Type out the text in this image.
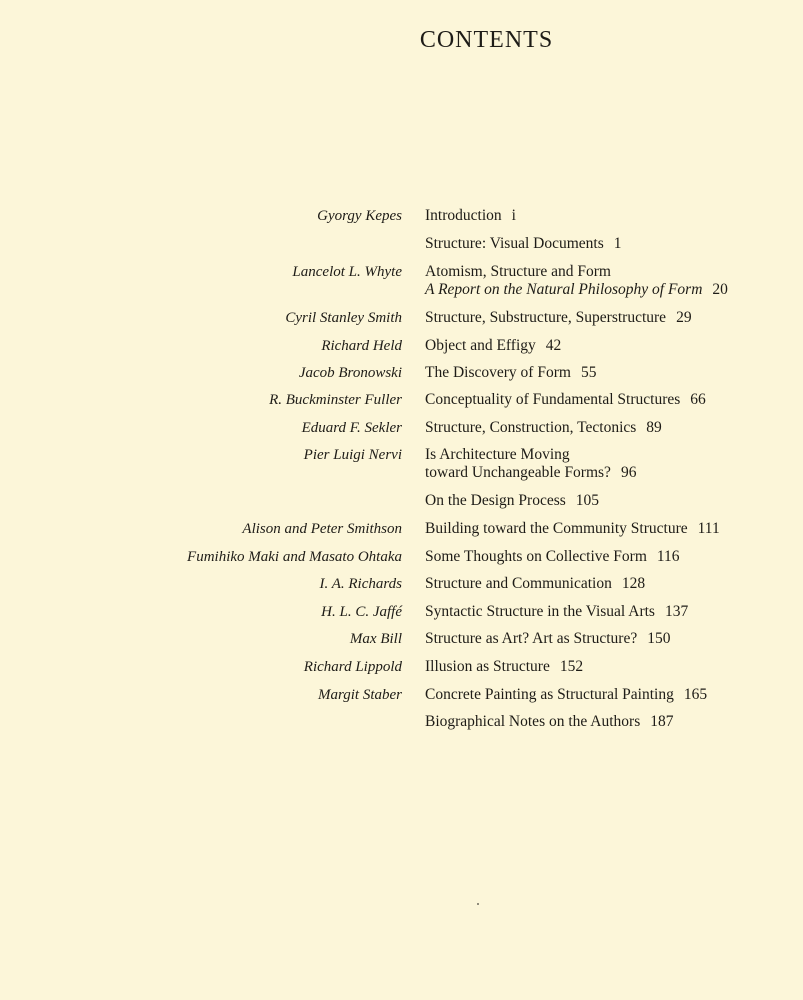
CONTENTS
Gyorgy Kepes Introduction i
Structure: Visual Documents 1
Lancelot L. Whyte Atomism, Structure and Form
A Report on the Natural Philosophy of Form 20
Cyril Stanley Smith Structure, Substructure, Superstructure 29
Richard Held Object and Effigy 42
Jacob Bronowski The Discovery of Form 55
R. Buckminster Fuller Conceptuality of Fundamental Structures 66
Eduard F. Sekler Structure, Construction, Tectonics 89
Pier Luigi Nervi Is Architecture Moving
toward Unchangeable Forms? 96
On the Design Process 105
Alison and Peter Smithson Building toward the Community Structure 111
Fumihiko Maki and Masato Ohtaka Some Thoughts on Collective Form 116
I. A. Richards Structure and Communication 128
H. L. C. Jaffé Syntactic Structure in the Visual Arts 137
Max Bill Structure as Art? Art as Structure? 150
Richard Lippold Illusion as Structure 152
Margit Staber Concrete Painting as Structural Painting 165
Biographical Notes on the Authors 187
